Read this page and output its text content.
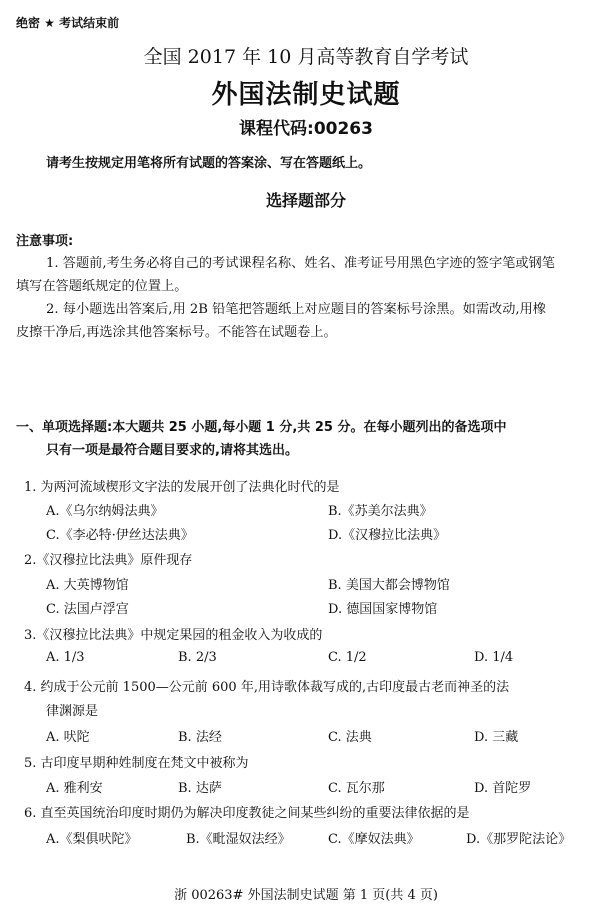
绝密 ★ 考试结束前
全国 2017 年 10 月高等教育自学考试
外国法制史试题
课程代码:00263
请考生按规定用笔将所有试题的答案涂、写在答题纸上。
选择题部分
注意事项:
1. 答题前,考生务必将自己的考试课程名称、姓名、准考证号用黑色字迹的签字笔或钢笔
填写在答题纸规定的位置上。
2. 每小题选出答案后,用 2B 铅笔把答题纸上对应题目的答案标号涂黑。如需改动,用橡
皮擦干净后,再选涂其他答案标号。不能答在试题卷上。
一、单项选择题:本大题共 25 小题,每小题 1 分,共 25 分。在每小题列出的备选项中
只有一项是最符合题目要求的,请将其选出。
1. 为两河流域楔形文字法的发展开创了法典化时代的是
A.《乌尔纳姆法典》	B.《苏美尔法典》
C.《李必特·伊丝达法典》	D.《汉穆拉比法典》
2.《汉穆拉比法典》原件现存
A. 大英博物馆	B. 美国大都会博物馆
C. 法国卢浮宫	D. 德国国家博物馆
3.《汉穆拉比法典》中规定果园的租金收入为收成的
A. 1/3	B. 2/3	C. 1/2	D. 1/4
4. 约成于公元前 1500—公元前 600 年,用诗歌体裁写成的,古印度最古老而神圣的法
律渊源是
A. 吠陀	B. 法经	C. 法典	D. 三藏
5. 古印度早期种姓制度在梵文中被称为
A. 雅利安	B. 达萨	C. 瓦尔那	D. 首陀罗
6. 直至英国统治印度时期仍为解决印度教徒之间某些纠纷的重要法律依据的是
A.《梨俱吠陀》	B.《毗湿奴法经》	C.《摩奴法典》	D.《那罗陀法论》
浙 00263# 外国法制史试题 第 1 页(共 4 页)
